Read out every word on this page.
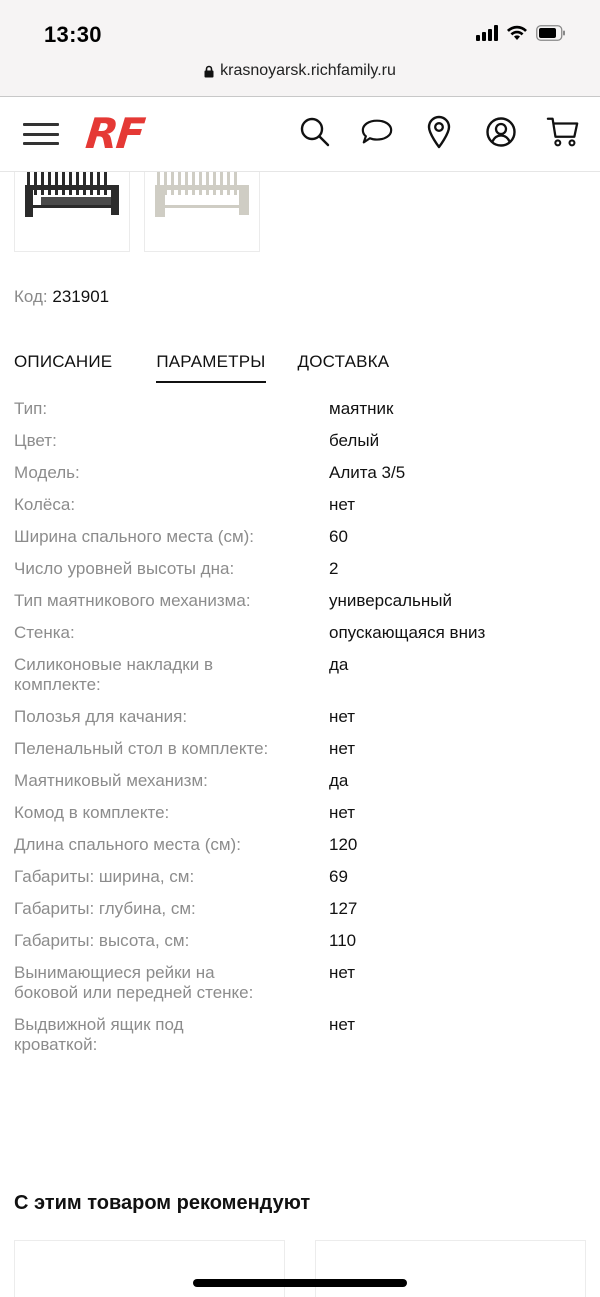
13:30
krasnoyarsk.richfamily.ru
RF
Код: 231901
ОПИСАНИЕ	ПАРАМЕТРЫ ДОСТАВКА
Тип:	маятник
Цвет:	белый
Модель:	Алита 3/5
Колёса:	нет
Ширина спального места (см):	60
Число уровней высоты дна:	2
Тип маятникового механизма:	универсальный
Стенка:	опускающаяся вниз
Силиконовые накладки в комплекте:
да
Полозья для качания:	нет
Пеленальный стол в комплекте:	нет
Маятниковый механизм:	да
Комод в комплекте:	нет
Длина спального места (см):	120
Габариты: ширина, см:	69
Габариты: глубина, см:	127
Габариты: высота, см:	110
Вынимающиеся рейки на боковой или передней стенке:
нет
Выдвижной ящик под кроваткой:
нет
С этим товаром рекомендуют
